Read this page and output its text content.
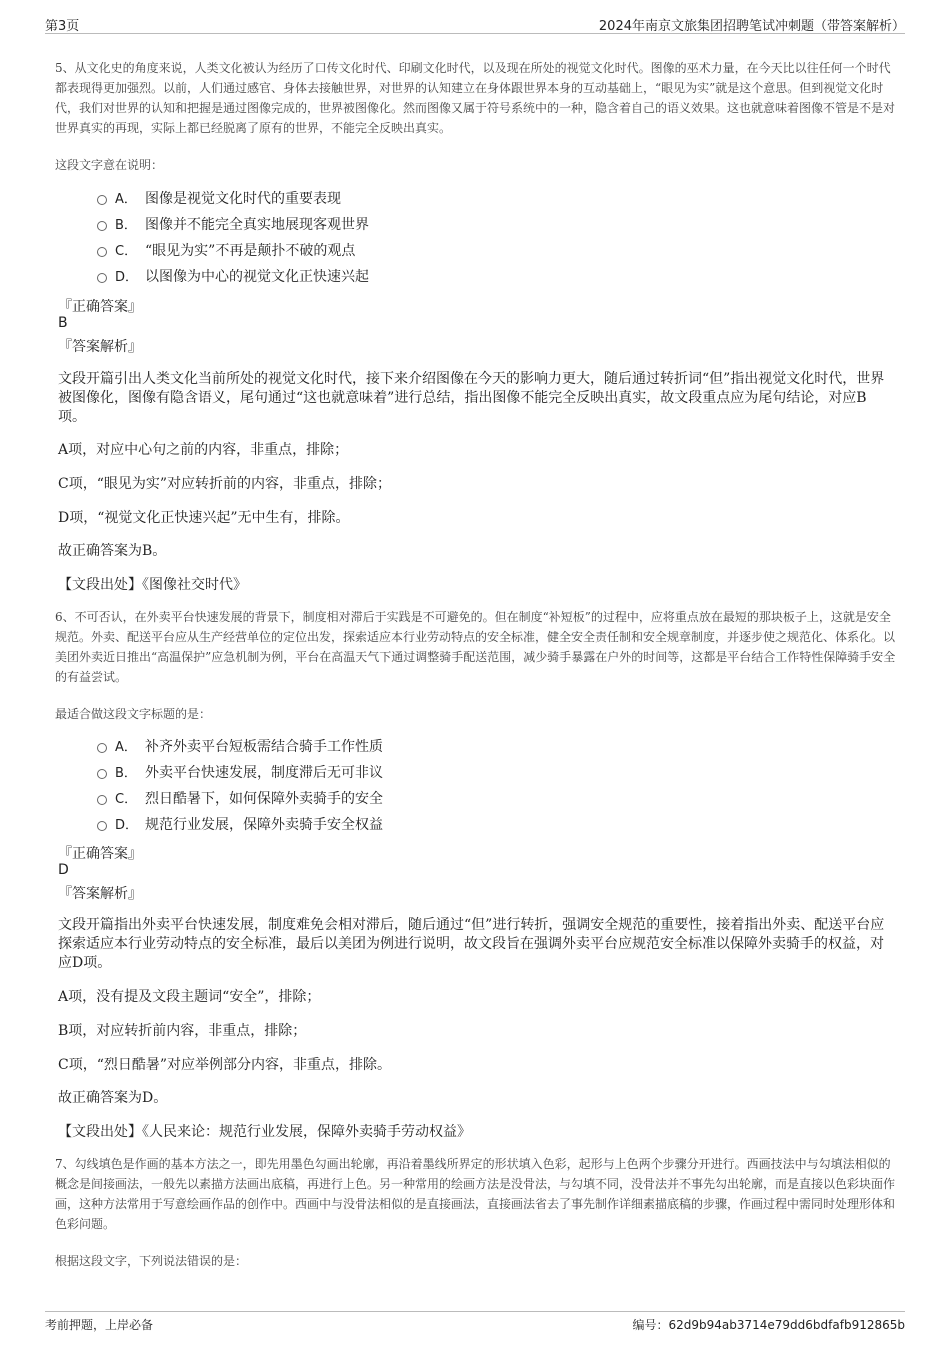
第3页	2024年南京文旅集团招聘笔试冲刺题（带答案解析）
5、从文化史的角度来说，人类文化被认为经历了口传文化时代、印刷文化时代，以及现在所处的视觉文化时代。图像的巫术力量，在今天比以往任何一个时代都表现得更加强烈。以前，人们通过感官、身体去接触世界，对世界的认知建立在身体跟世界本身的互动基础上，“眼见为实”就是这个意思。但到视觉文化时代，我们对世界的认知和把握是通过图像完成的，世界被图像化。然而图像又属于符号系统中的一种，隐含着自己的语义效果。这也就意味着图像不管是不是对世界真实的再现，实际上都已经脱离了原有的世界，不能完全反映出真实。
这段文字意在说明：
A． 图像是视觉文化时代的重要表现
B． 图像并不能完全真实地展现客观世界
C． “眼见为实”不再是颠扑不破的观点
D． 以图像为中心的视觉文化正快速兴起
『正确答案』
B
『答案解析』
文段开篇引出人类文化当前所处的视觉文化时代，接下来介绍图像在今天的影响力更大，随后通过转折词“但”指出视觉文化时代，世界被图像化，图像有隐含语义，尾句通过“这也就意味着”进行总结，指出图像不能完全反映出真实，故文段重点应为尾句结论，对应B项。
A项，对应中心句之前的内容，非重点，排除；
C项，“眼见为实”对应转折前的内容，非重点，排除；
D项，“视觉文化正快速兴起”无中生有，排除。
故正确答案为B。
【文段出处】《图像社交时代》
6、不可否认，在外卖平台快速发展的背景下，制度相对滞后于实践是不可避免的。但在制度“补短板”的过程中，应将重点放在最短的那块板子上，这就是安全规范。外卖、配送平台应从生产经营单位的定位出发，探索适应本行业劳动特点的安全标准，健全安全责任制和安全规章制度，并逐步使之规范化、体系化。以美团外卖近日推出“高温保护”应急机制为例，平台在高温天气下通过调整骑手配送范围，减少骑手暴露在户外的时间等，这都是平台结合工作特性保障骑手安全的有益尝试。
最适合做这段文字标题的是：
A． 补齐外卖平台短板需结合骑手工作性质
B． 外卖平台快速发展，制度滞后无可非议
C． 烈日酷暑下，如何保障外卖骑手的安全
D． 规范行业发展，保障外卖骑手安全权益
『正确答案』
D
『答案解析』
文段开篇指出外卖平台快速发展，制度难免会相对滞后，随后通过“但”进行转折，强调安全规范的重要性，接着指出外卖、配送平台应探索适应本行业劳动特点的安全标准，最后以美团为例进行说明，故文段旨在强调外卖平台应规范安全标准以保障外卖骑手的权益，对应D项。
A项，没有提及文段主题词“安全”，排除；
B项，对应转折前内容，非重点，排除；
C项，“烈日酷暑”对应举例部分内容，非重点，排除。
故正确答案为D。
【文段出处】《人民来论：规范行业发展，保障外卖骑手劳动权益》
7、勾线填色是作画的基本方法之一，即先用墨色勾画出轮廓，再沿着墨线所界定的形状填入色彩，起形与上色两个步骤分开进行。西画技法中与勾填法相似的概念是间接画法，一般先以素描方法画出底稿，再进行上色。另一种常用的绘画方法是没骨法，与勾填不同，没骨法并不事先勾出轮廓，而是直接以色彩块面作画，这种方法常用于写意绘画作品的创作中。西画中与没骨法相似的是直接画法，直接画法省去了事先制作详细素描底稿的步骤，作画过程中需同时处理形体和色彩问题。
根据这段文字，下列说法错误的是：
考前押题，上岸必备	编号：62d9b94ab3714e79dd6bdfafb912865b
